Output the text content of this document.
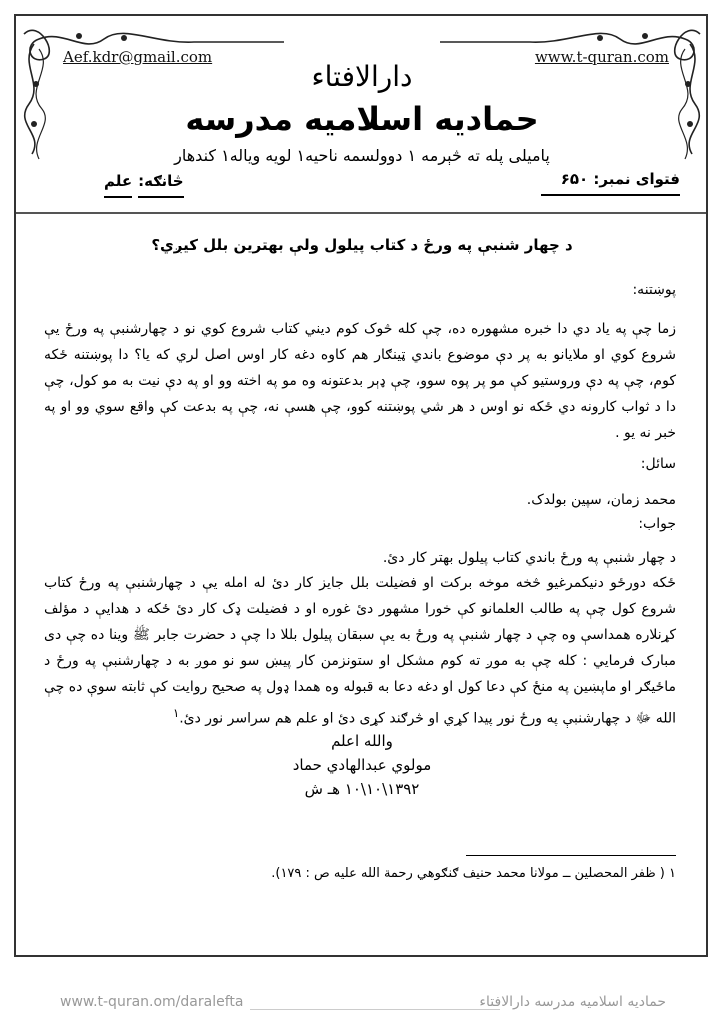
Aef.kdr@gmail.com	www.t-quran.com
دارالافتاء
حمادیه اسلامیه مدرسه
پامیلی پله ته څېرمه ۱ دوولسمه ناحیه۱ لویه ویاله۱ کندهار
فتوای نمبر: ۶۵۰
څانګه:
علم
د چهار شنبې په ورځ د کتاب پیلول ولې بهترین بلل کیږي؟
پوښتنه:
زما چې په یاد دي دا خبره مشهوره ده، چې کله څوک کوم دیني کتاب شروع کوي نو د چهارشنبې په ورځ یې شروع کوي او ملایانو به پر دې موضوع باندي ټینګار هم کاوه دغه کار اوس اصل لري که یا؟ دا پوښتنه ځکه کوم، چې په دې وروستیو کې مو پر پوه سوو، چې ډېر بدعتونه وه مو په اخته وو او په دې نیت به مو کول، چې دا د ثواب کارونه دي ځکه نو اوس د هر شي پوښتنه کوو، چې هسې نه، چې په بدعت کې واقع سوي وو او په خبر نه یو .
سائل:
محمد زمان، سپین بولدک.
جواب:
د چهار شنبې په ورځ باندي کتاب پیلول بهتر کار دئ.
ځکه دورځو دنیکمرغیو څخه موخه برکت او فضیلت بلل جایز کار دئ له امله یې د چهارشنبې په ورځ کتاب شروع کول چې په طالب العلمانو کې خورا مشهور دئ غوره او د فضیلت ډک کار دئ ځکه د هدایې د مؤلف کړنلاره همداسې وه چې د چهار شنبې په ورځ به یې سبقان پیلول بللا دا چې د حضرت جابر ﷺ وینا ده چې دی مبارک فرمایي : کله چې به موږ ته کوم مشکل او ستونزمن کار پیښ سو نو موږ به د چهارشنبې په ورځ د ماځیګر او ماپښین په منځ کې دعا کول او دغه دعا به قبوله وه همدا ډول په صحیح روایت کې ثابته سوې ده چې الله ﷻ د چهارشنبې په ورځ نور پیدا کړي او څرګند کړی دئ او علم هم سراسر نور دئ.$^۱$
والله اعلم
مولوي عبدالهادي حماد
۱۳۹۲\۱۰\۱۰ هـ ش
۱ ( ظفر المحصلین ــ مولانا محمد حنیف ګنګوهي رحمة الله علیه ص : ۱۷۹).
www.t-quran.om/daralefta	حمادیه اسلامیه مدرسه دارالافتاء
